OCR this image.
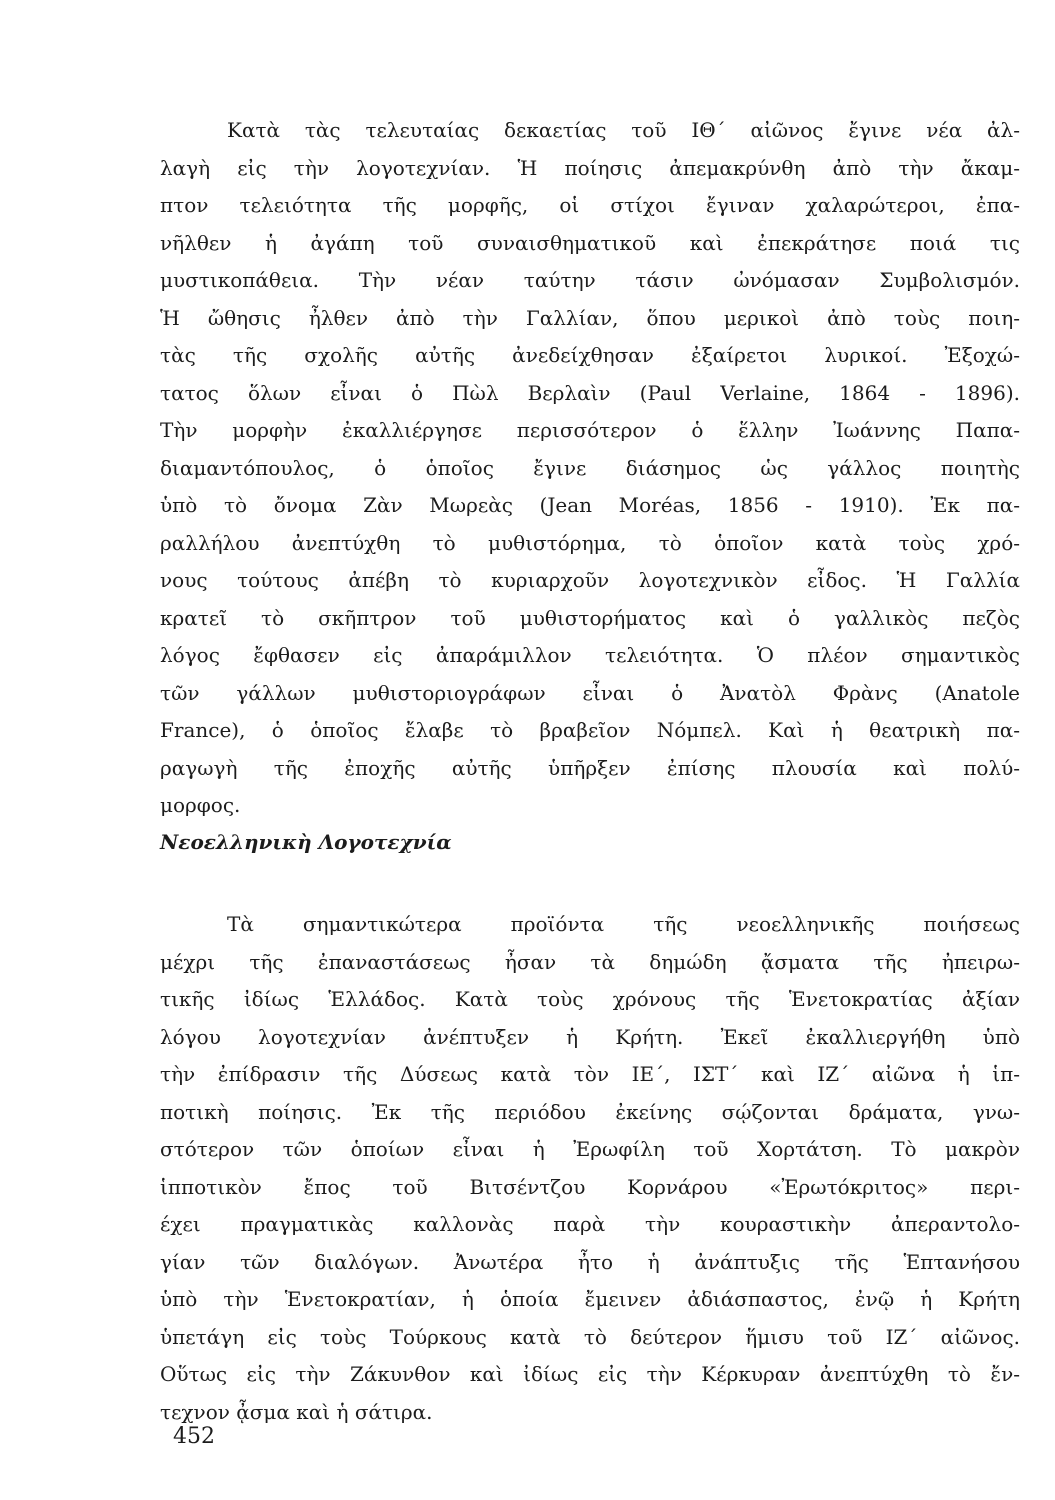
Κατὰ τὰς τελευταίας δεκαετίας τοῦ ΙΘ΄ αἰῶνος ἔγινε νέα ἀλ-
λαγὴ εἰς τὴν λογοτεχνίαν. Ἡ ποίησις ἀπεμακρύνθη ἀπὸ τὴν ἄκαμ-
πτον τελειότητα τῆς μορφῆς, οἱ στίχοι ἔγιναν χαλαρώτεροι, ἐπα-
νῆλθεν ἡ ἀγάπη τοῦ συναισθηματικοῦ καὶ ἐπεκράτησε ποιά τις
μυστικοπάθεια. Τὴν νέαν ταύτην τάσιν ὠνόμασαν Συμβολισμόν.
Ἡ ὤθησις ἦλθεν ἀπὸ τὴν Γαλλίαν, ὅπου μερικοὶ ἀπὸ τοὺς ποιη-
τὰς τῆς σχολῆς αὐτῆς ἀνεδείχθησαν ἐξαίρετοι λυρικοί. Ἐξοχώ-
τατος ὅλων εἶναι ὁ Πὼλ Βερλαὶν (Paul Verlaine, 1864 - 1896).
Τὴν μορφὴν ἐκαλλιέργησε περισσότερον ὁ ἕλλην Ἰωάννης Παπα-
διαμαντόπουλος, ὁ ὁποῖος ἔγινε διάσημος ὡς γάλλος ποιητὴς
ὑπὸ τὸ ὄνομα Ζὰν Μωρεὰς (Jean Moréas, 1856 - 1910). Ἐκ πα-
ραλλήλου ἀνεπτύχθη τὸ μυθιστόρημα, τὸ ὁποῖον κατὰ τοὺς χρό-
νους τούτους ἀπέβη τὸ κυριαρχοῦν λογοτεχνικὸν εἶδος. Ἡ Γαλλία
κρατεῖ τὸ σκῆπτρον τοῦ μυθιστορήματος καὶ ὁ γαλλικὸς πεζὸς
λόγος ἔφθασεν εἰς ἀπαράμιλλον τελειότητα. Ὁ πλέον σημαντικὸς
τῶν γάλλων μυθιστοριογράφων εἶναι ὁ Ἀνατὸλ Φρὰνς (Anatole
France), ὁ ὁποῖος ἔλαβε τὸ βραβεῖον Νόμπελ. Καὶ ἡ θεατρικὴ πα-
ραγωγὴ τῆς ἐποχῆς αὐτῆς ὑπῆρξεν ἐπίσης πλουσία καὶ πολύ-
μορφος.
Νεοελληνικὴ Λογοτεχνία
Τὰ σημαντικώτερα προϊόντα τῆς νεοελληνικῆς ποιήσεως
μέχρι τῆς ἐπαναστάσεως ἦσαν τὰ δημώδη ᾄσματα τῆς ἠπειρω-
τικῆς ἰδίως Ἑλλάδος. Κατὰ τοὺς χρόνους τῆς Ἑνετοκρατίας ἀξίαν
λόγου λογοτεχνίαν ἀνέπτυξεν ἡ Κρήτη. Ἐκεῖ ἐκαλλιεργήθη ὑπὸ
τὴν ἐπίδρασιν τῆς Δύσεως κατὰ τὸν ΙΕ΄, ΙΣΤ΄ καὶ ΙΖ΄ αἰῶνα ἡ ἱπ-
ποτικὴ ποίησις. Ἐκ τῆς περιόδου ἐκείνης σῴζονται δράματα, γνω-
στότερον τῶν ὁποίων εἶναι ἡ Ἐρωφίλη τοῦ Χορτάτση. Τὸ μακρὸν
ἱπποτικὸν ἔπος τοῦ Βιτσέντζου Κορνάρου «Ἐρωτόκριτος» περι-
έχει πραγματικὰς καλλονὰς παρὰ τὴν κουραστικὴν ἀπεραντολο-
γίαν τῶν διαλόγων. Ἀνωτέρα ἦτο ἡ ἀνάπτυξις τῆς Ἑπτανήσου
ὑπὸ τὴν Ἑνετοκρατίαν, ἡ ὁποία ἔμεινεν ἀδιάσπαστος, ἐνῷ ἡ Κρήτη
ὑπετάγη εἰς τοὺς Τούρκους κατὰ τὸ δεύτερον ἥμισυ τοῦ ΙΖ΄ αἰῶνος.
Οὕτως εἰς τὴν Ζάκυνθον καὶ ἰδίως εἰς τὴν Κέρκυραν ἀνεπτύχθη τὸ ἔν-
τεχνον ᾆσμα καὶ ἡ σάτιρα.
452
